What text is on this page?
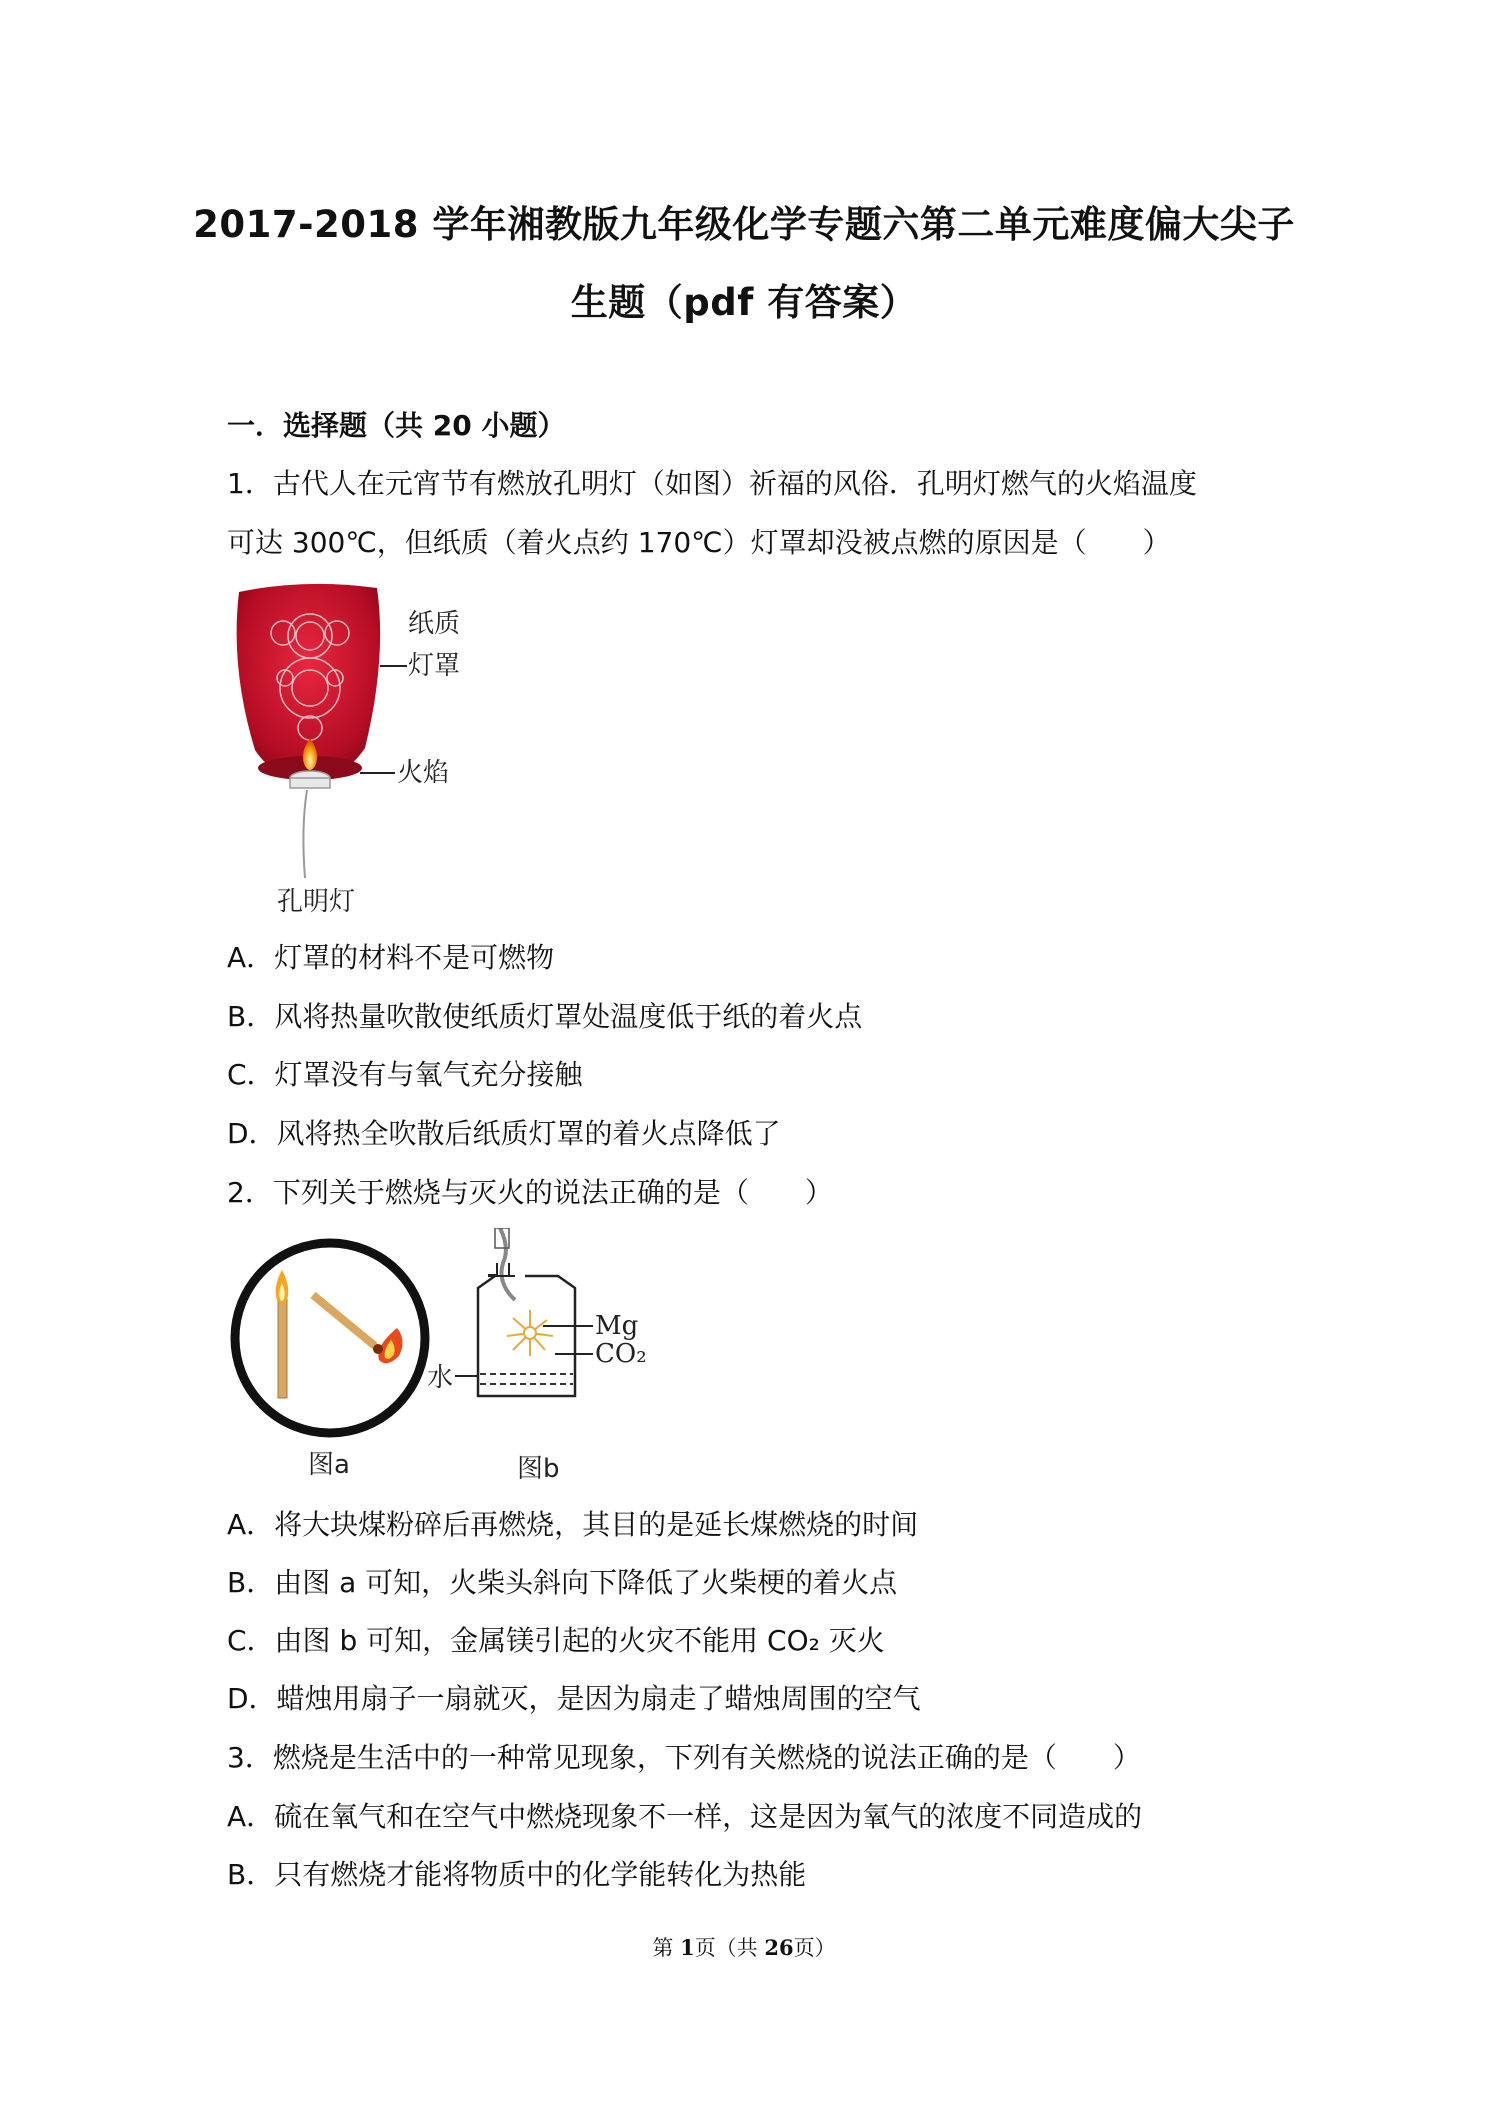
2017-2018 学年湘教版九年级化学专题六第二单元难度偏大尖子
生题（pdf 有答案）
一．选择题（共 20 小题）
1．古代人在元宵节有燃放孔明灯（如图）祈福的风俗．孔明灯燃气的火焰温度
可达 300℃，但纸质（着火点约 170℃）灯罩却没被点燃的原因是（　　）
纸质
灯罩
火焰
孔明灯
A．灯罩的材料不是可燃物
B．风将热量吹散使纸质灯罩处温度低于纸的着火点
C．灯罩没有与氧气充分接触
D．风将热全吹散后纸质灯罩的着火点降低了
2．下列关于燃烧与灭火的说法正确的是（　　）
图a
Mg
CO₂
水
图b
A．将大块煤粉碎后再燃烧，其目的是延长煤燃烧的时间
B．由图 a 可知，火柴头斜向下降低了火柴梗的着火点
C．由图 b 可知，金属镁引起的火灾不能用 CO₂ 灭火
D．蜡烛用扇子一扇就灭，是因为扇走了蜡烛周围的空气
3．燃烧是生活中的一种常见现象，下列有关燃烧的说法正确的是（　　）
A．硫在氧气和在空气中燃烧现象不一样，这是因为氧气的浓度不同造成的
B．只有燃烧才能将物质中的化学能转化为热能
第 1页（共 26页）
